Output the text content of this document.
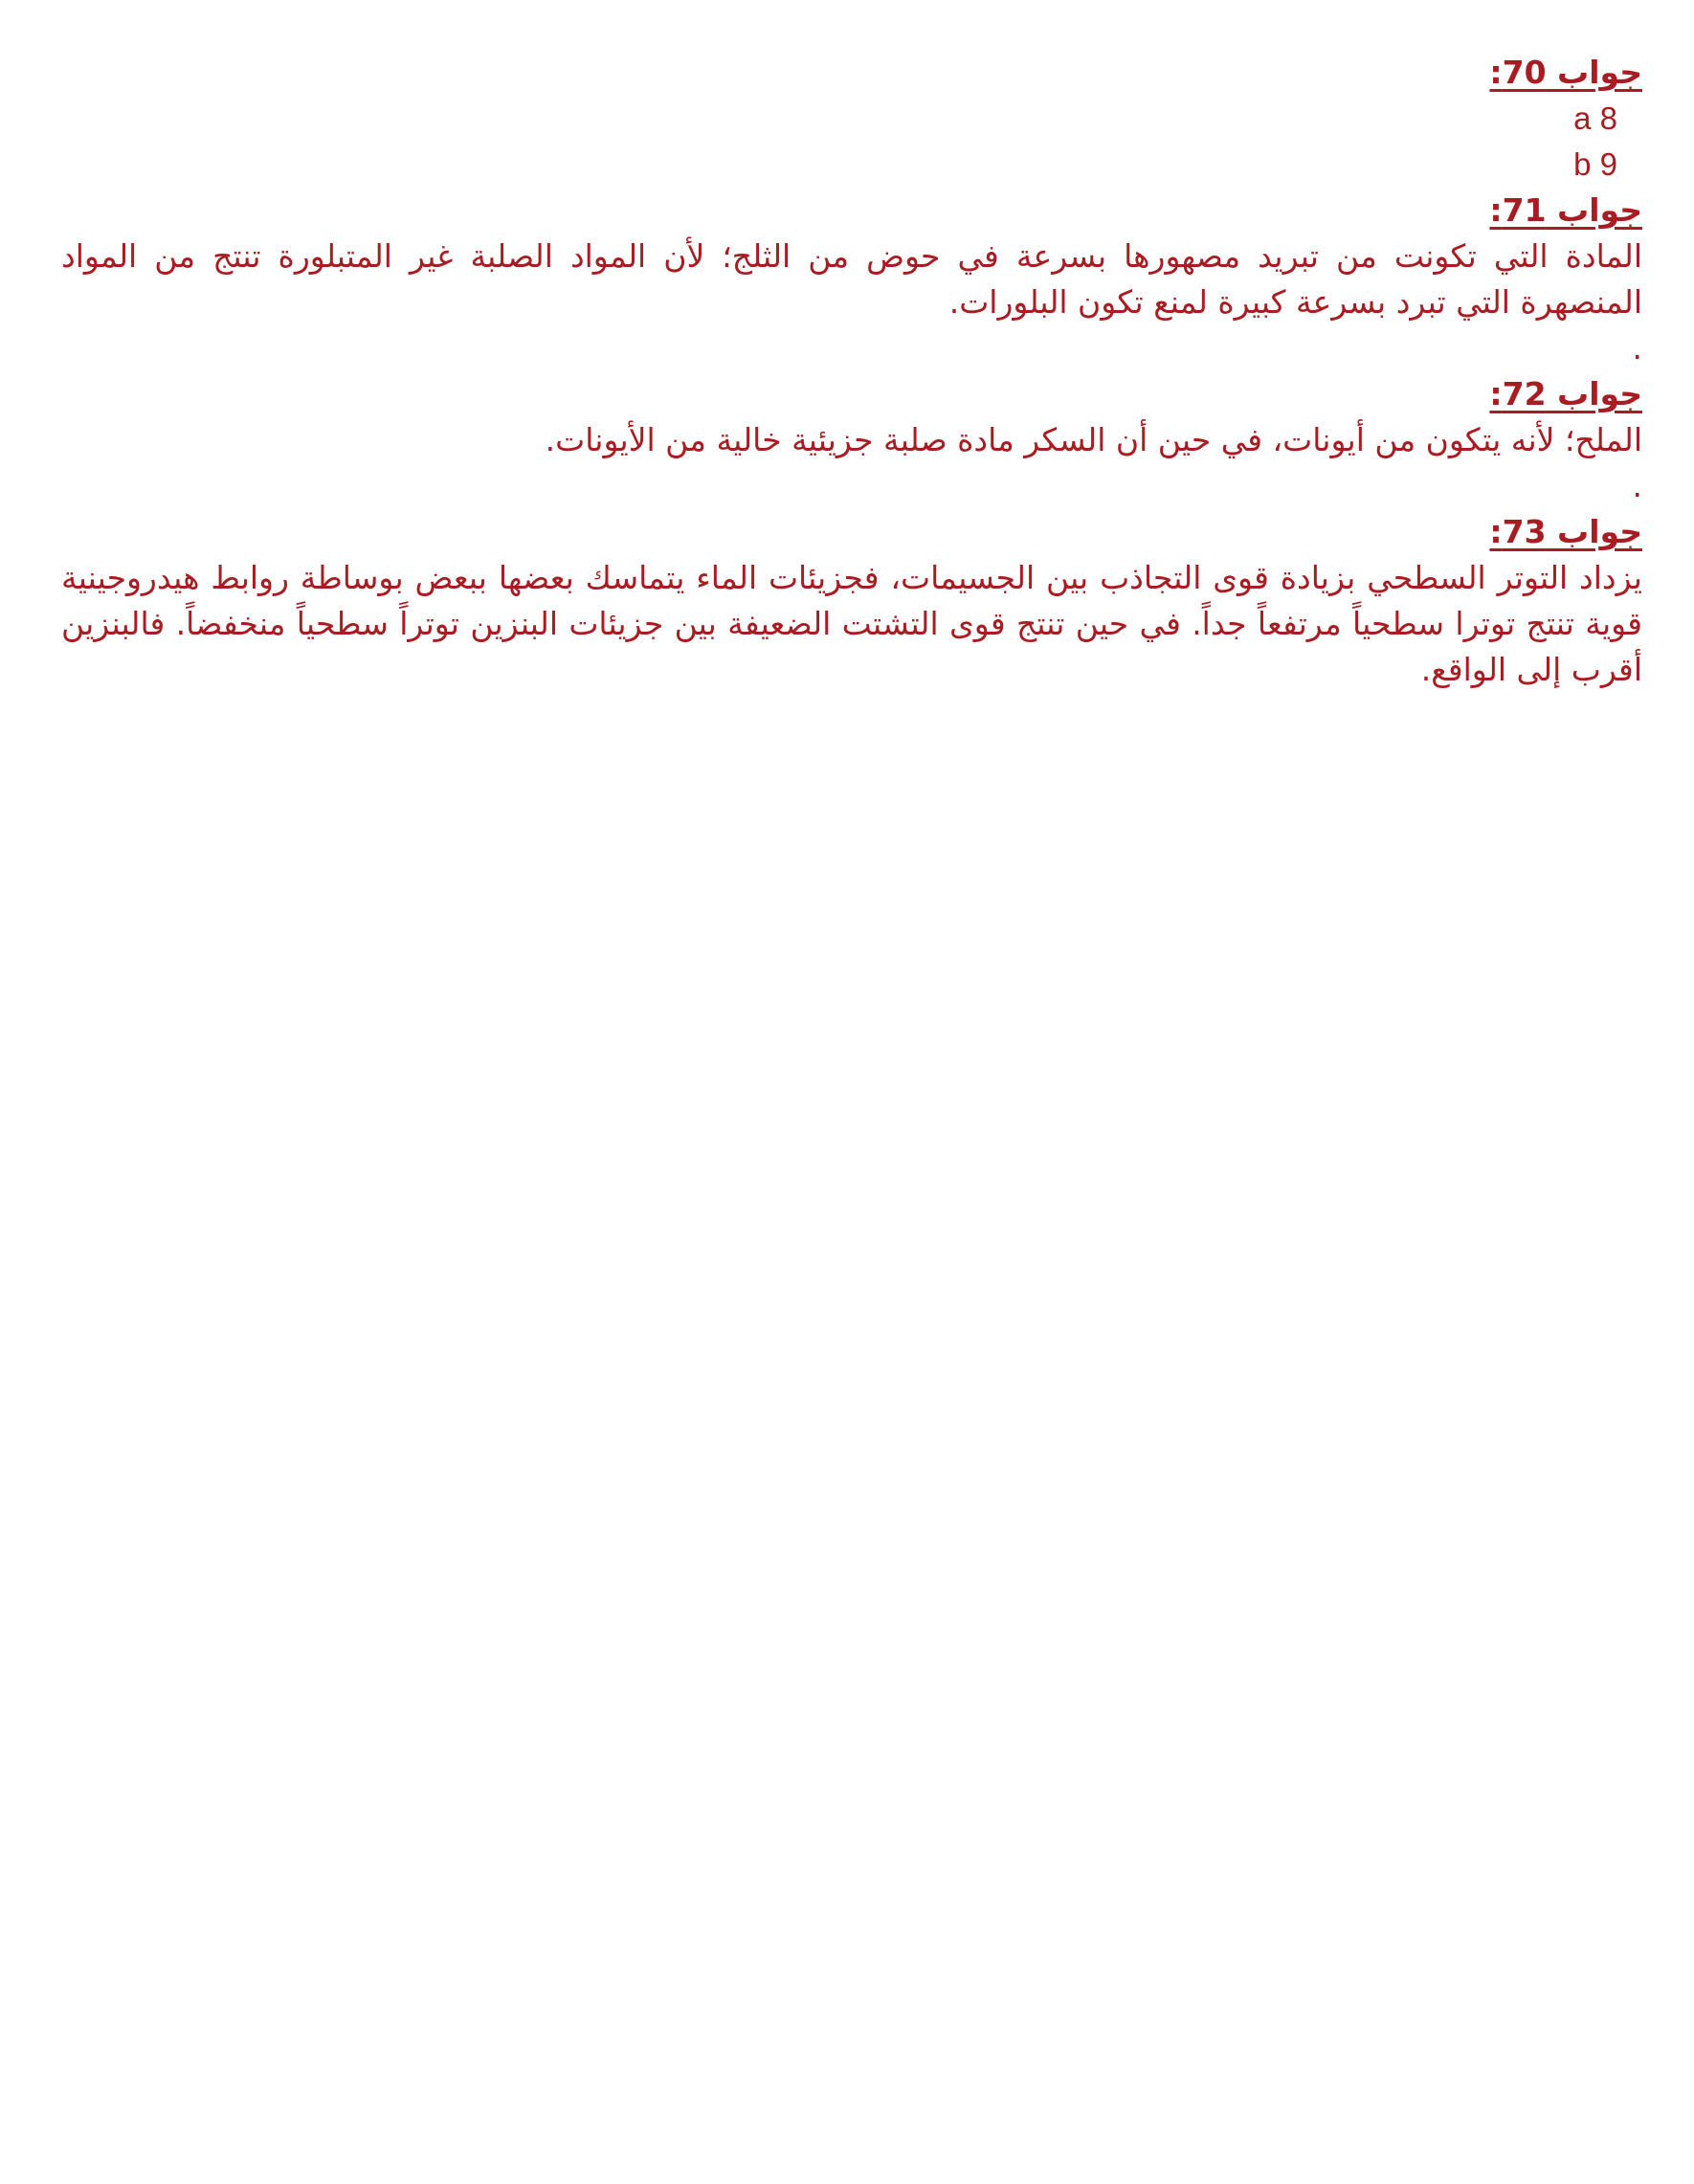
جواب 70:
a 8
b 9
جواب 71:
المادة التي تكونت من تبريد مصهورها بسرعة في حوض من الثلج؛ لأن المواد الصلبة غير المتبلورة تنتج من المواد المنصهرة التي تبرد بسرعة كبيرة لمنع تكون البلورات.
.
جواب 72:
الملح؛ لأنه يتكون من أيونات، في حين أن السكر مادة صلبة جزيئية خالية من الأيونات.
.
جواب 73:
يزداد التوتر السطحي بزيادة قوى التجاذب بين الجسيمات، فجزيئات الماء يتماسك بعضها ببعض بوساطة روابط هيدروجينية قوية تنتج توترا سطحياً مرتفعاً جداً. في حين تنتج قوى التشتت الضعيفة بين جزيئات البنزين توتراً سطحياً منخفضاً. فالبنزين أقرب إلى الواقع.
